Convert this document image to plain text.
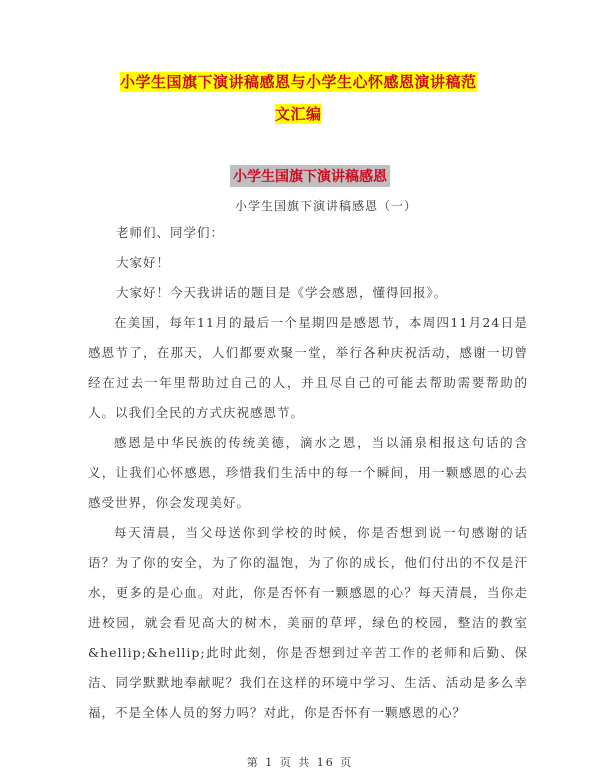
小学生国旗下演讲稿感恩与小学生心怀感恩演讲稿范
文汇编
小学生国旗下演讲稿感恩
小学生国旗下演讲稿感恩（一）

老师们、同学们：

大家好！

大家好！今天我讲话的题目是《学会感恩，懂得回报》。

在美国，每年11月的最后一个星期四是感恩节，本周四11月24日是感恩节了，在那天，人们都要欢聚一堂，举行各种庆祝活动，感谢一切曾经在过去一年里帮助过自己的人，并且尽自己的可能去帮助需要帮助的人。以我们全民的方式庆祝感恩节。

感恩是中华民族的传统美德，滴水之恩，当以涌泉相报这句话的含义，让我们心怀感恩，珍惜我们生活中的每一个瞬间，用一颗感恩的心去感受世界，你会发现美好。

每天清晨，当父母送你到学校的时候，你是否想到说一句感谢的话语？为了你的安全，为了你的温饱，为了你的成长，他们付出的不仅是汗水，更多的是心血。对此，你是否怀有一颗感恩的心？每天清晨，当你走进校园，就会看见高大的树木，美丽的草坪，绿色的校园，整洁的教室&hellip;&hellip;此时此刻，你是否想到过辛苦工作的老师和后勤、保洁、同学默默地奉献呢？我们在这样的环境中学习、生活、活动是多么幸福，不是全体人员的努力吗？对此，你是否怀有一颗感恩的心？

第 1 页 共 16 页
